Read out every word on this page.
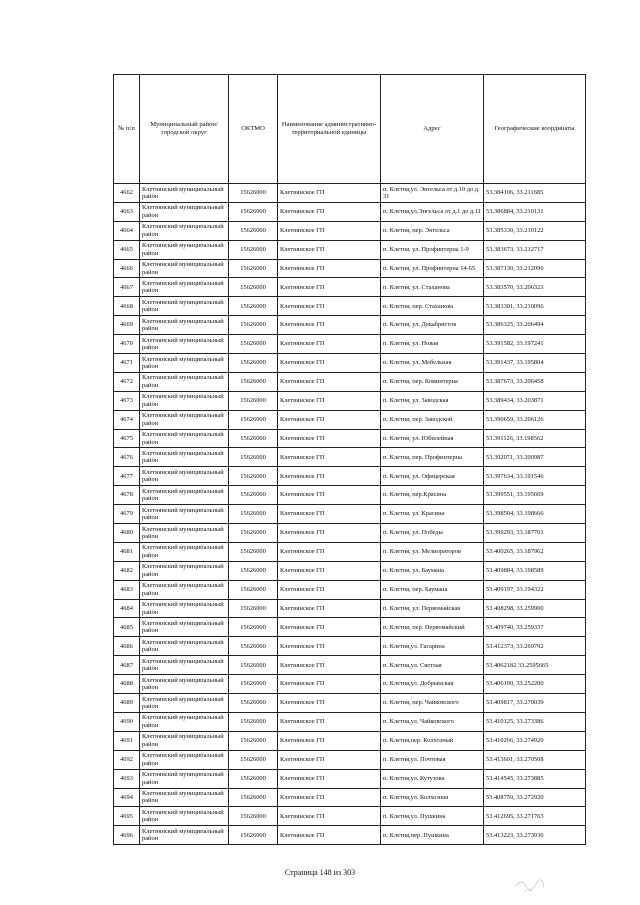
№ п/п	Муниципальный район/городской округ	ОКТМО	Наименование административно-территориальной единицы	Адрес	Географические координаты
4662	Клетнянский муниципальный район	15626000	Клетнянское ГП	п. Клетня,ул. Энгельса от д.10 до д. 31	53.384106, 33.211685
4663	Клетнянский муниципальный район	15626000	Клетнянское ГП	п. Клетня,ул.Энгельса от д.1 до д.11	53.386884, 33.210131
4664	Клетнянский муниципальный район	15626000	Клетнянское ГП	п. Клетня, пер. Энгельса	53.385330, 33.210122
4665	Клетнянский муниципальный район	15626000	Клетнянское ГП	п. Клетня, ул. Профинтерна 1-9	53.383673, 33.212717
4666	Клетнянский муниципальный район	15626000	Клетнянское ГП	п. Клетня, ул. Профинтерна 14-65	53.387130, 33.212090
4667	Клетнянский муниципальный район	15626000	Клетнянское ГП	п. Клетня, ул. Стаханова	53.383570, 33.206323
4668	Клетнянский муниципальный район	15626000	Клетнянское ГП	п. Клетня, пер. Стаханова	53.383301, 33.210096
4669	Клетнянский муниципальный район	15626000	Клетнянское ГП	п. Клетня, ул. Декабристов	53.386325, 33.206494
4670	Клетнянский муниципальный район	15626000	Клетнянское ГП	п. Клетня, ул. Новая	53.391582, 33.197241
4671	Клетнянский муниципальный район	15626000	Клетнянское ГП	п. Клетня, ул. Мебельная	53.391437, 33.195804
4672	Клетнянский муниципальный район	15626000	Клетнянское ГП	п. Клетня, пер. Коминтерна	53.387673, 33.206458
4673	Клетнянский муниципальный район	15626000	Клетнянское ГП	п. Клетня, ул. Заводская	53.389434, 33.203871
4674	Клетнянский муниципальный район	15626000	Клетнянское ГП	п. Клетня, пер. Заводской	53.390659, 33.206126
4675	Клетнянский муниципальный район	15626000	Клетнянское ГП	п. Клетня, ул. Юбилейная	53.391126, 33.198562
4676	Клетнянский муниципальный район	15626000	Клетнянское ГП	п. Клетня, пер. Профинтерна	53.392071, 33.200987
4677	Клетнянский муниципальный район	15626000	Клетнянское ГП	п. Клетня, ул. Офицерская	53.397634, 33.191546
4678	Клетнянский муниципальный район	15626000	Клетнянское ГП	п. Клетня, пер.Красина	53.399551, 33.195669
4679	Клетнянский муниципальный район	15626000	Клетнянское ГП	п. Клетня, ул. Красина	53.398504, 33.198666
4680	Клетнянский муниципальный район	15626000	Клетнянское ГП	п. Клетня, ул. Победы	53.399293, 33.187701
4681	Клетнянский муниципальный район	15626000	Клетнянское ГП	п. Клетня, ул. Мелиораторов	53.400265, 33.187962
4682	Клетнянский муниципальный район	15626000	Клетнянское ГП	п. Клетня, ул. Баумана	53.409884, 33.198589
4683	Клетнянский муниципальный район	15626000	Клетнянское ГП	п. Клетня, пер. Баумана	53.409197, 33.194322
4684	Клетнянский муниципальный район	15626000	Клетнянское ГП	п. Клетня, ул. Первомайская	53.408298, 33.259900
4685	Клетнянский муниципальный район	15626000	Клетнянское ГП	п. Клетня, пер. Первомайский	53.409740, 33.259337
4686	Клетнянский муниципальный район	15626000	Клетнянское ГП	п. Клетня,ул. Гагарина	53.412373, 33.269792
4687	Клетнянский муниципальный район	15626000	Клетнянское ГП	п. Клетня,ул. Светлая	53.4062182 33.2595665
4688	Клетнянский муниципальный район	15626000	Клетнянское ГП	п. Клетня,ул. Добрынская	53.406100, 33.252200
4689	Клетнянский муниципальный район	15626000	Клетнянское ГП	п. Клетня, пер. Чайковского	53.409817, 33.270039
4690	Клетнянский муниципальный район	15626000	Клетнянское ГП	п. Клетня,ул. Чайковского	53.410125, 33.273386
4691	Клетнянский муниципальный район	15626000	Клетнянское ГП	п. Клетня,пер. Колхозный	53.410266, 33.274920
4692	Клетнянский муниципальный район	15626000	Клетнянское ГП	п. Клетня,ул. Почтовая	53.413601, 33.270508
4693	Клетнянский муниципальный район	15626000	Клетнянское ГП	п. Клетня,ул. Кутузова	53.414545, 33.273885
4694	Клетнянский муниципальный район	15626000	Клетнянское ГП	п. Клетня,ул. Колхозная	53.408759, 33.272920
4695	Клетнянский муниципальный район	15626000	Клетнянское ГП	п. Клетня,ул. Пушкина	53.412695, 33.271763
4696	Клетнянский муниципальный район	15626000	Клетнянское ГП	п. Клетня,пер. Пушкина	53.413223, 33.273936
Страница 148 из 303
